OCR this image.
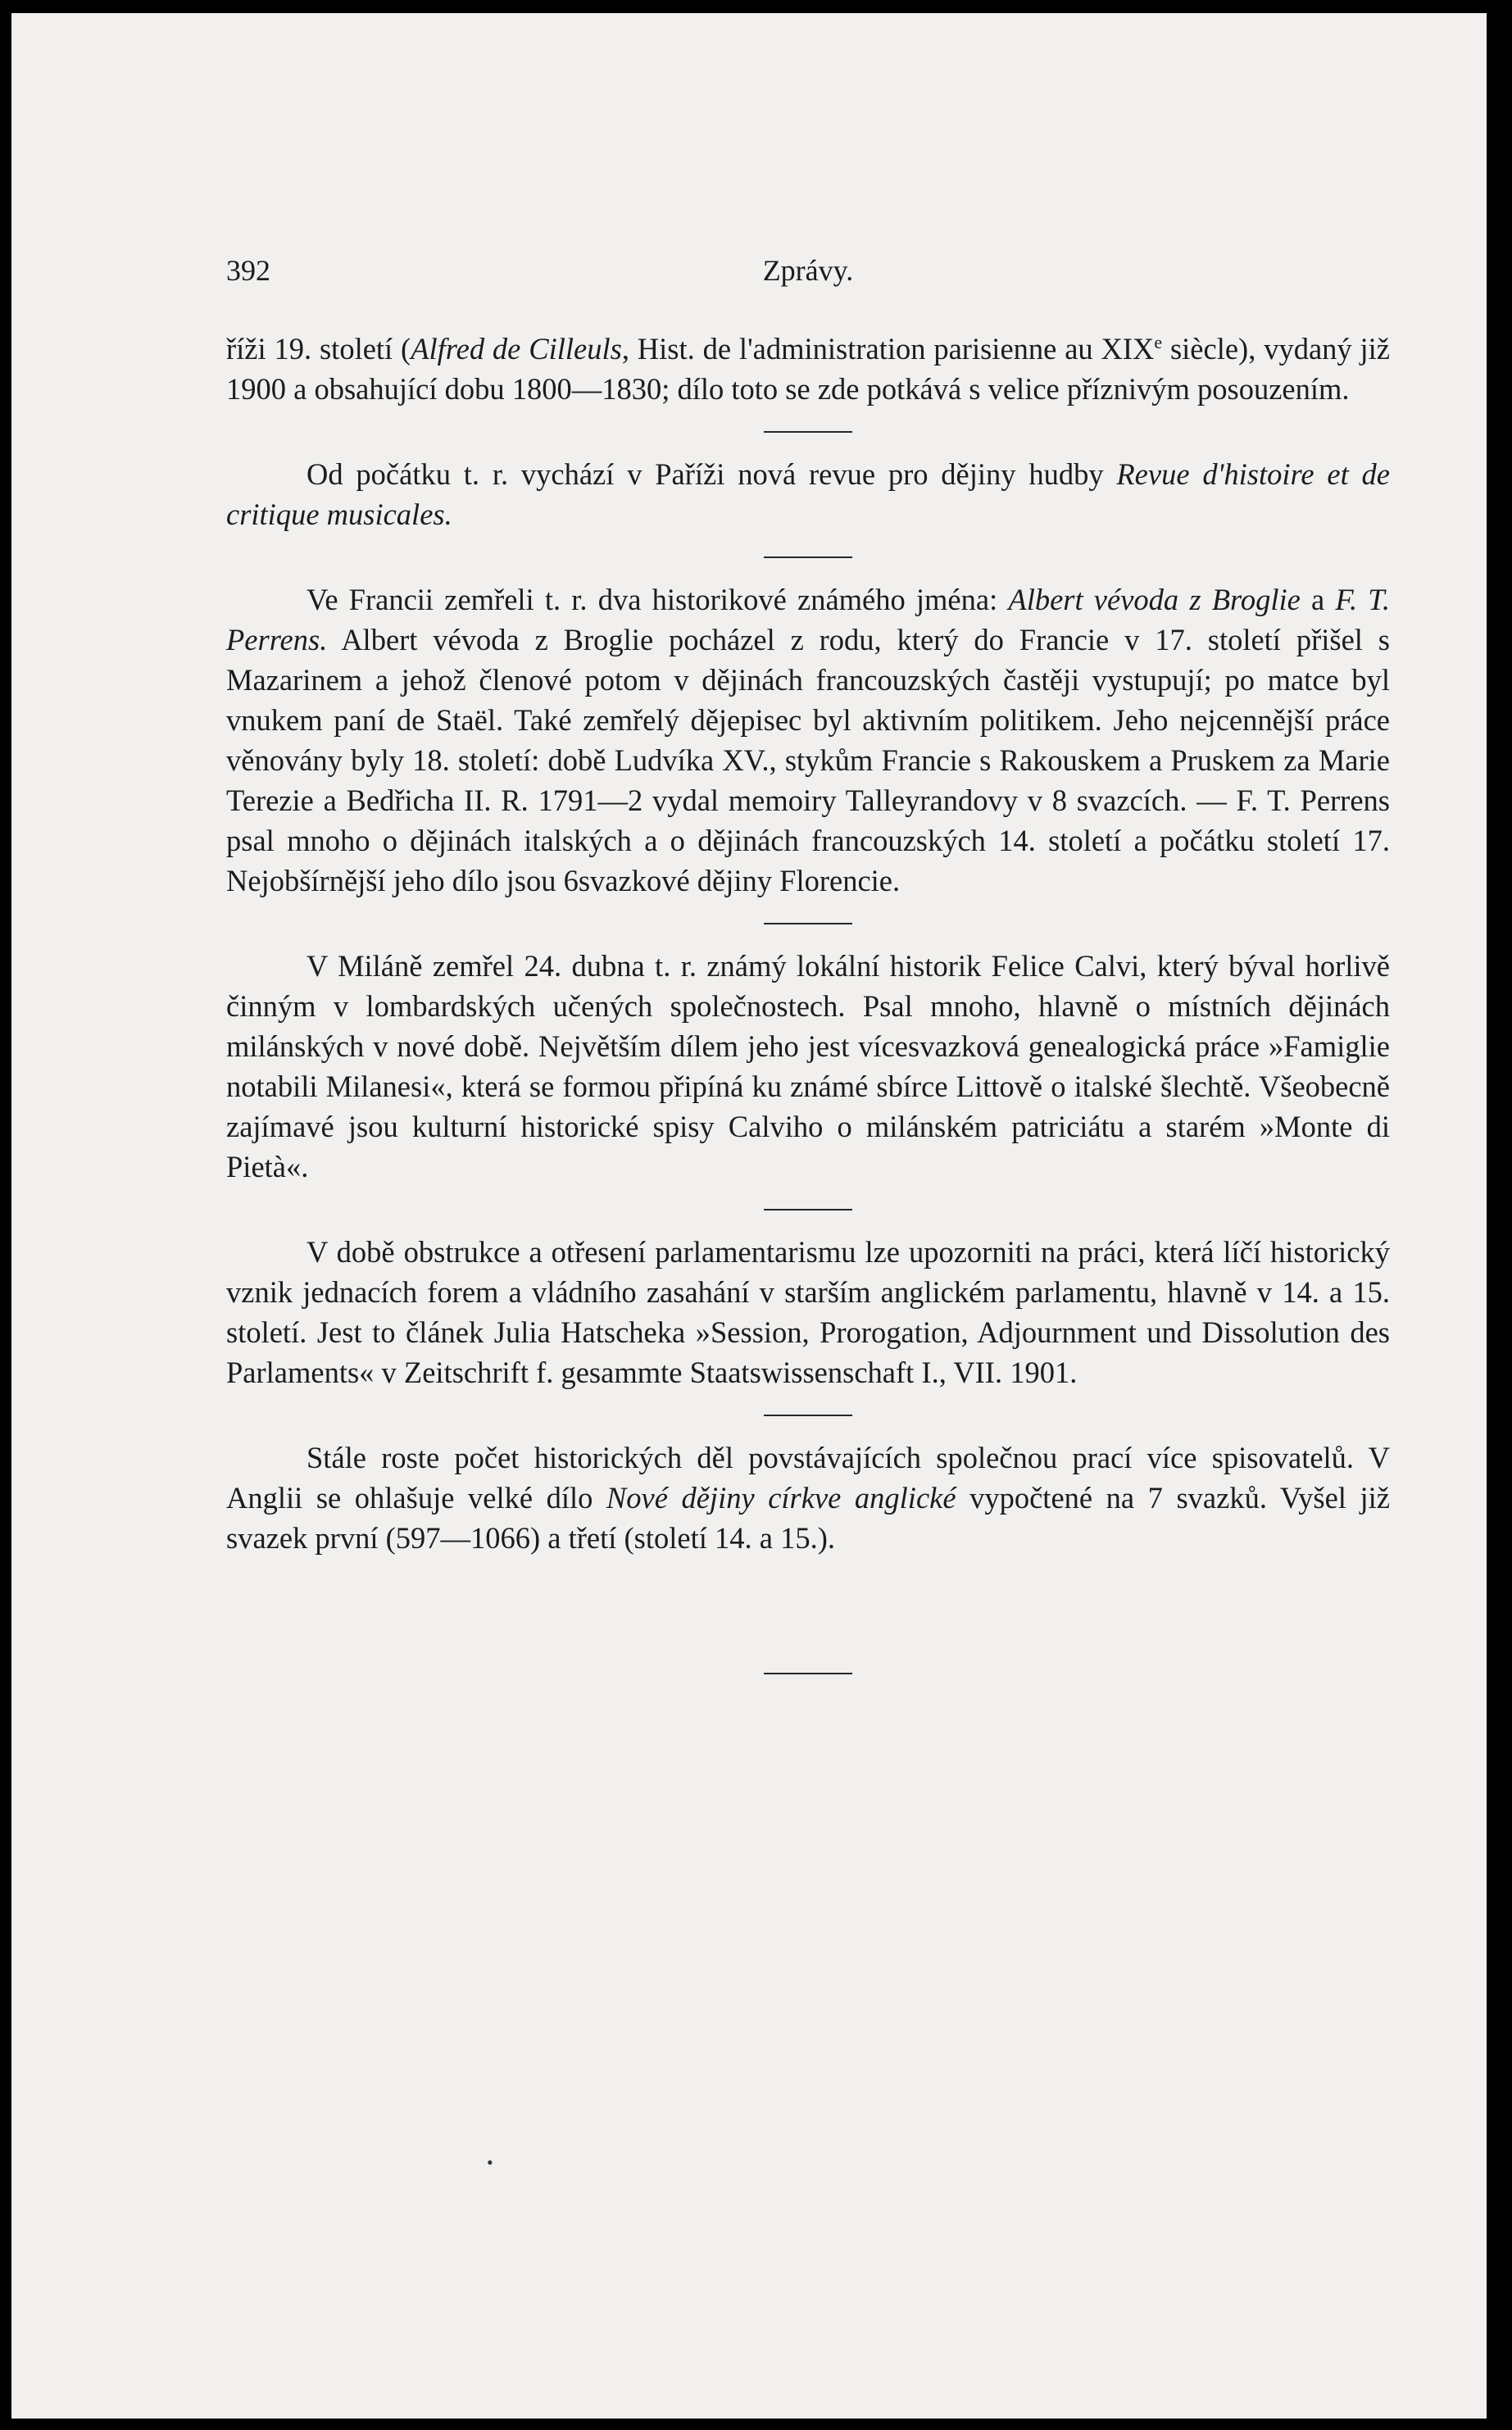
392	Zprávy.

říži 19. století (Alfred de Cilleuls, Hist. de l'administration parisienne au XIXe siècle), vydaný již 1900 a obsahující dobu 1800—1830; dílo toto se zde potkává s velice příznivým posouzením.

Od počátku t. r. vychází v Paříži nová revue pro dějiny hudby Revue d'histoire et de critique musicales.

Ve Francii zemřeli t. r. dva historikové známého jména: Albert vévoda z Broglie a F. T. Perrens. Albert vévoda z Broglie pocházel z rodu, který do Francie v 17. století přišel s Mazarinem a jehož členové potom v dějinách francouzských častěji vystupují; po matce byl vnukem paní de Staël. Také zemřelý dějepisec byl aktivním politikem. Jeho nejcennější práce věnovány byly 18. století: době Ludvíka XV., stykům Francie s Rakouskem a Pruskem za Marie Terezie a Bedřicha II. R. 1791—2 vydal memoiry Talleyrandovy v 8 svazcích. — F. T. Perrens psal mnoho o dějinách italských a o dějinách francouzských 14. století a počátku století 17. Nejobšírnější jeho dílo jsou 6svazkové dějiny Florencie.

V Miláně zemřel 24. dubna t. r. známý lokální historik Felice Calvi, který býval horlivě činným v lombardských učených společnostech. Psal mnoho, hlavně o místních dějinách milánských v nové době. Největším dílem jeho jest vícesvazková genealogická práce »Famiglie notabili Milanesi«, která se formou připíná ku známé sbírce Littově o italské šlechtě. Všeobecně zajímavé jsou kulturní historické spisy Calviho o milánském patriciátu a starém »Monte di Pietà«.

V době obstrukce a otřesení parlamentarismu lze upozorniti na práci, která líčí historický vznik jednacích forem a vládního zasahání v starším anglickém parlamentu, hlavně v 14. a 15. století. Jest to článek Julia Hatscheka »Session, Prorogation, Adjournment und Dissolution des Parlaments« v Zeitschrift f. gesammte Staatswissenschaft I., VII. 1901.

Stále roste počet historických děl povstávajících společnou prací více spisovatelů. V Anglii se ohlašuje velké dílo Nové dějiny církve anglické vypočtené na 7 svazků. Vyšel již svazek první (597—1066) a třetí (století 14. a 15.).

•
